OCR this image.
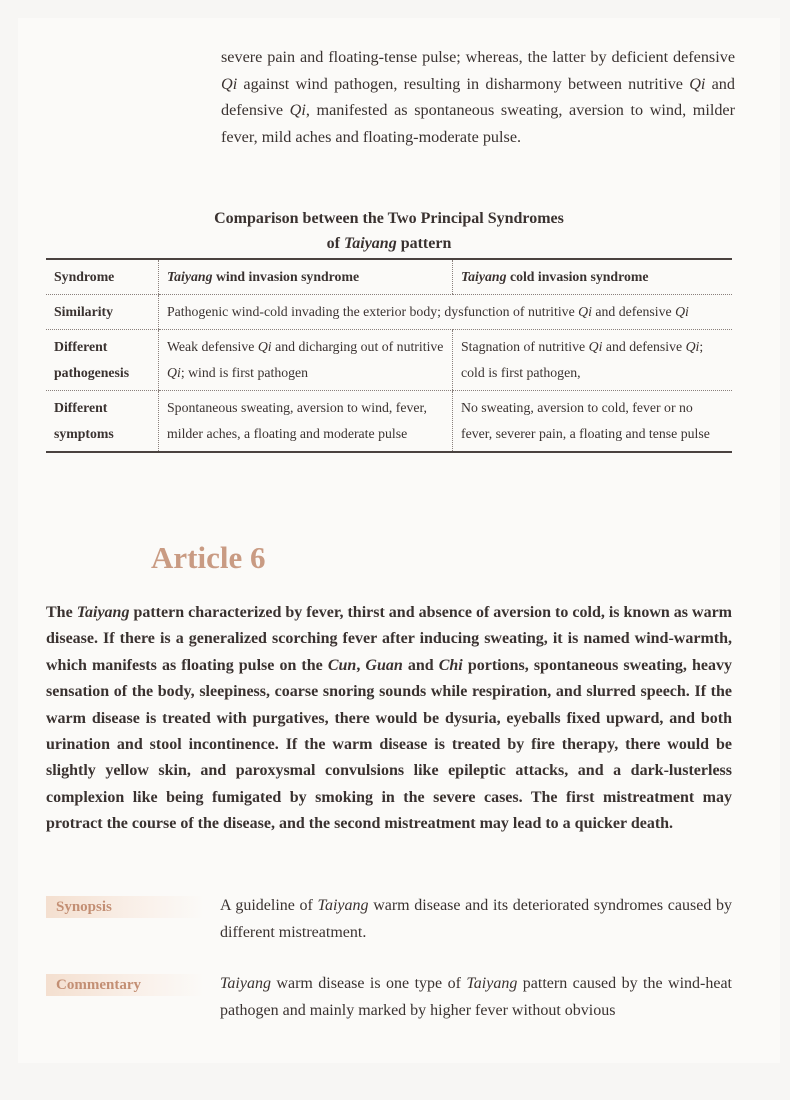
severe pain and floating-tense pulse; whereas, the latter by deficient defensive Qi against wind pathogen, resulting in disharmony between nutritive Qi and defensive Qi, manifested as spontaneous sweating, aversion to wind, milder fever, mild aches and floating-moderate pulse.

Comparison between the Two Principal Syndromes
of Taiyang pattern
Syndrome	Taiyang wind invasion syndrome	Taiyang cold invasion syndrome
Similarity	Pathogenic wind-cold invading the exterior body; dysfunction of nutritive Qi and defensive Qi	
Different
pathogenesis	Weak defensive Qi and dicharging out of nutritive Qi; wind is first pathogen	Stagnation of nutritive Qi and defensive Qi; cold is first pathogen,
Different
symptoms	Spontaneous sweating, aversion to wind, fever, milder aches, a floating and moderate pulse	No sweating, aversion to cold, fever or no fever, severer pain, a floating and tense pulse
Article 6

The Taiyang pattern characterized by fever, thirst and absence of aversion to cold, is known as warm disease. If there is a generalized scorching fever after inducing sweating, it is named wind-warmth, which manifests as floating pulse on the Cun, Guan and Chi portions, spontaneous sweating, heavy sensation of the body, sleepiness, coarse snoring sounds while respiration, and slurred speech. If the warm disease is treated with purgatives, there would be dysuria, eyeballs fixed upward, and both urination and stool incontinence. If the warm disease is treated by fire therapy, there would be slightly yellow skin, and paroxysmal convulsions like epileptic attacks, and a dark-lusterless complexion like being fumigated by smoking in the severe cases. The first mistreatment may protract the course of the disease, and the second mistreatment may lead to a quicker death.

Synopsis	A guideline of Taiyang warm disease and its deteriorated syndromes caused by different mistreatment.

Commentary	Taiyang warm disease is one type of Taiyang pattern caused by the wind-heat pathogen and mainly marked by higher fever without obvious
